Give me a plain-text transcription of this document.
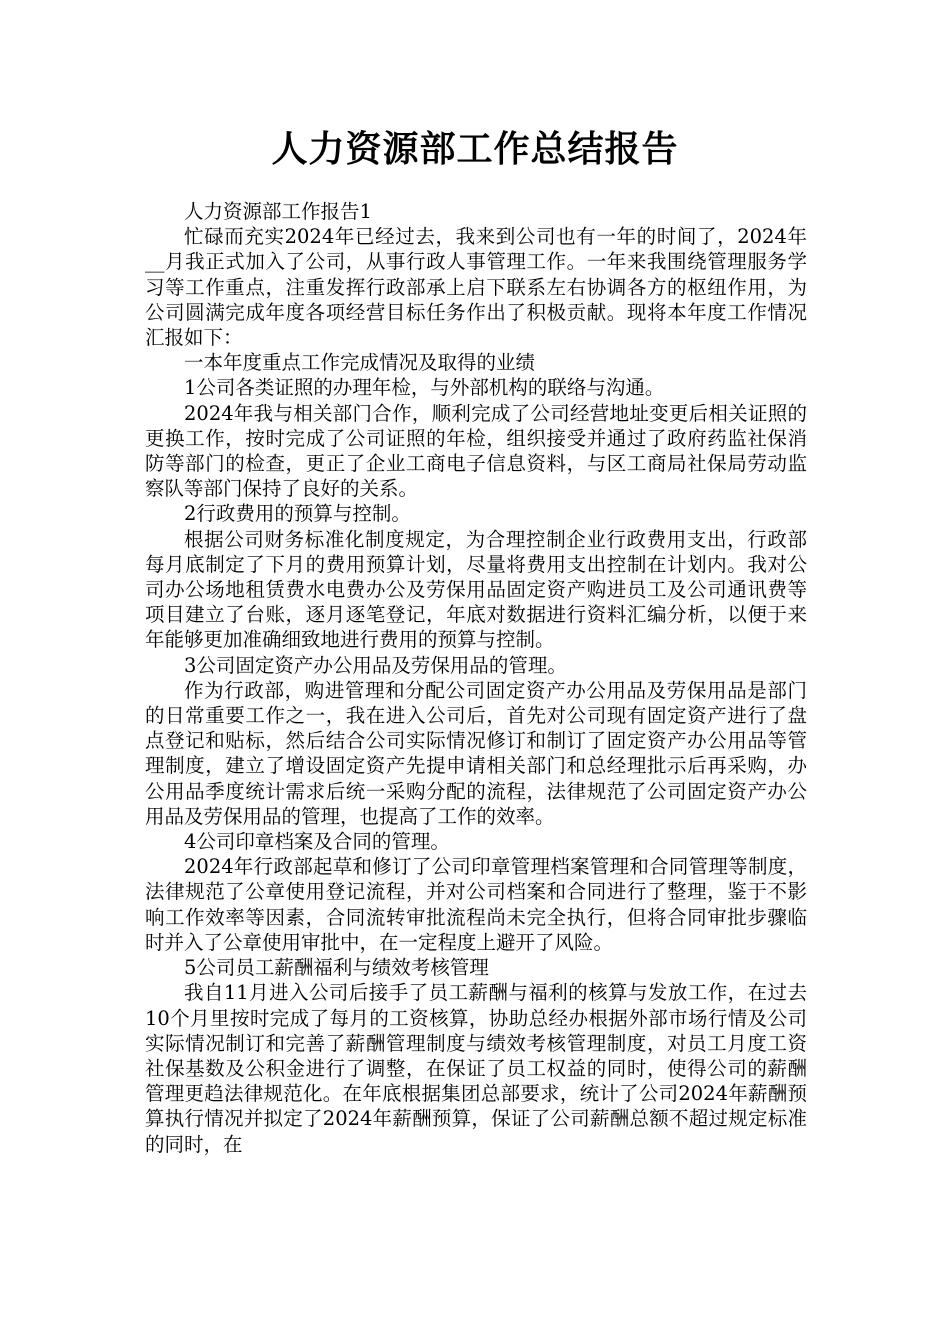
人力资源部工作总结报告

人力资源部工作报告1

忙碌而充实2024年已经过去，我来到公司也有一年的时间了，2024年__月我正式加入了公司，从事行政人事管理工作。一年来我围绕管理服务学习等工作重点，注重发挥行政部承上启下联系左右协调各方的枢纽作用，为公司圆满完成年度各项经营目标任务作出了积极贡献。现将本年度工作情况汇报如下：

一本年度重点工作完成情况及取得的业绩

1公司各类证照的办理年检，与外部机构的联络与沟通。

2024年我与相关部门合作，顺利完成了公司经营地址变更后相关证照的更换工作，按时完成了公司证照的年检，组织接受并通过了政府药监社保消防等部门的检查，更正了企业工商电子信息资料，与区工商局社保局劳动监察队等部门保持了良好的关系。

2行政费用的预算与控制。

根据公司财务标准化制度规定，为合理控制企业行政费用支出，行政部每月底制定了下月的费用预算计划，尽量将费用支出控制在计划内。我对公司办公场地租赁费水电费办公及劳保用品固定资产购进员工及公司通讯费等项目建立了台账，逐月逐笔登记，年底对数据进行资料汇编分析，以便于来年能够更加准确细致地进行费用的预算与控制。

3公司固定资产办公用品及劳保用品的管理。

作为行政部，购进管理和分配公司固定资产办公用品及劳保用品是部门的日常重要工作之一，我在进入公司后，首先对公司现有固定资产进行了盘点登记和贴标，然后结合公司实际情况修订和制订了固定资产办公用品等管理制度，建立了增设固定资产先提申请相关部门和总经理批示后再采购，办公用品季度统计需求后统一采购分配的流程，法律规范了公司固定资产办公用品及劳保用品的管理，也提高了工作的效率。

4公司印章档案及合同的管理。

2024年行政部起草和修订了公司印章管理档案管理和合同管理等制度，法律规范了公章使用登记流程，并对公司档案和合同进行了整理，鉴于不影响工作效率等因素，合同流转审批流程尚未完全执行，但将合同审批步骤临时并入了公章使用审批中，在一定程度上避开了风险。

5公司员工薪酬福利与绩效考核管理

我自11月进入公司后接手了员工薪酬与福利的核算与发放工作，在过去10个月里按时完成了每月的工资核算，协助总经办根据外部市场行情及公司实际情况制订和完善了薪酬管理制度与绩效考核管理制度，对员工月度工资社保基数及公积金进行了调整，在保证了员工权益的同时，使得公司的薪酬管理更趋法律规范化。在年底根据集团总部要求，统计了公司2024年薪酬预算执行情况并拟定了2024年薪酬预算，保证了公司薪酬总额不超过规定标准的同时，在
